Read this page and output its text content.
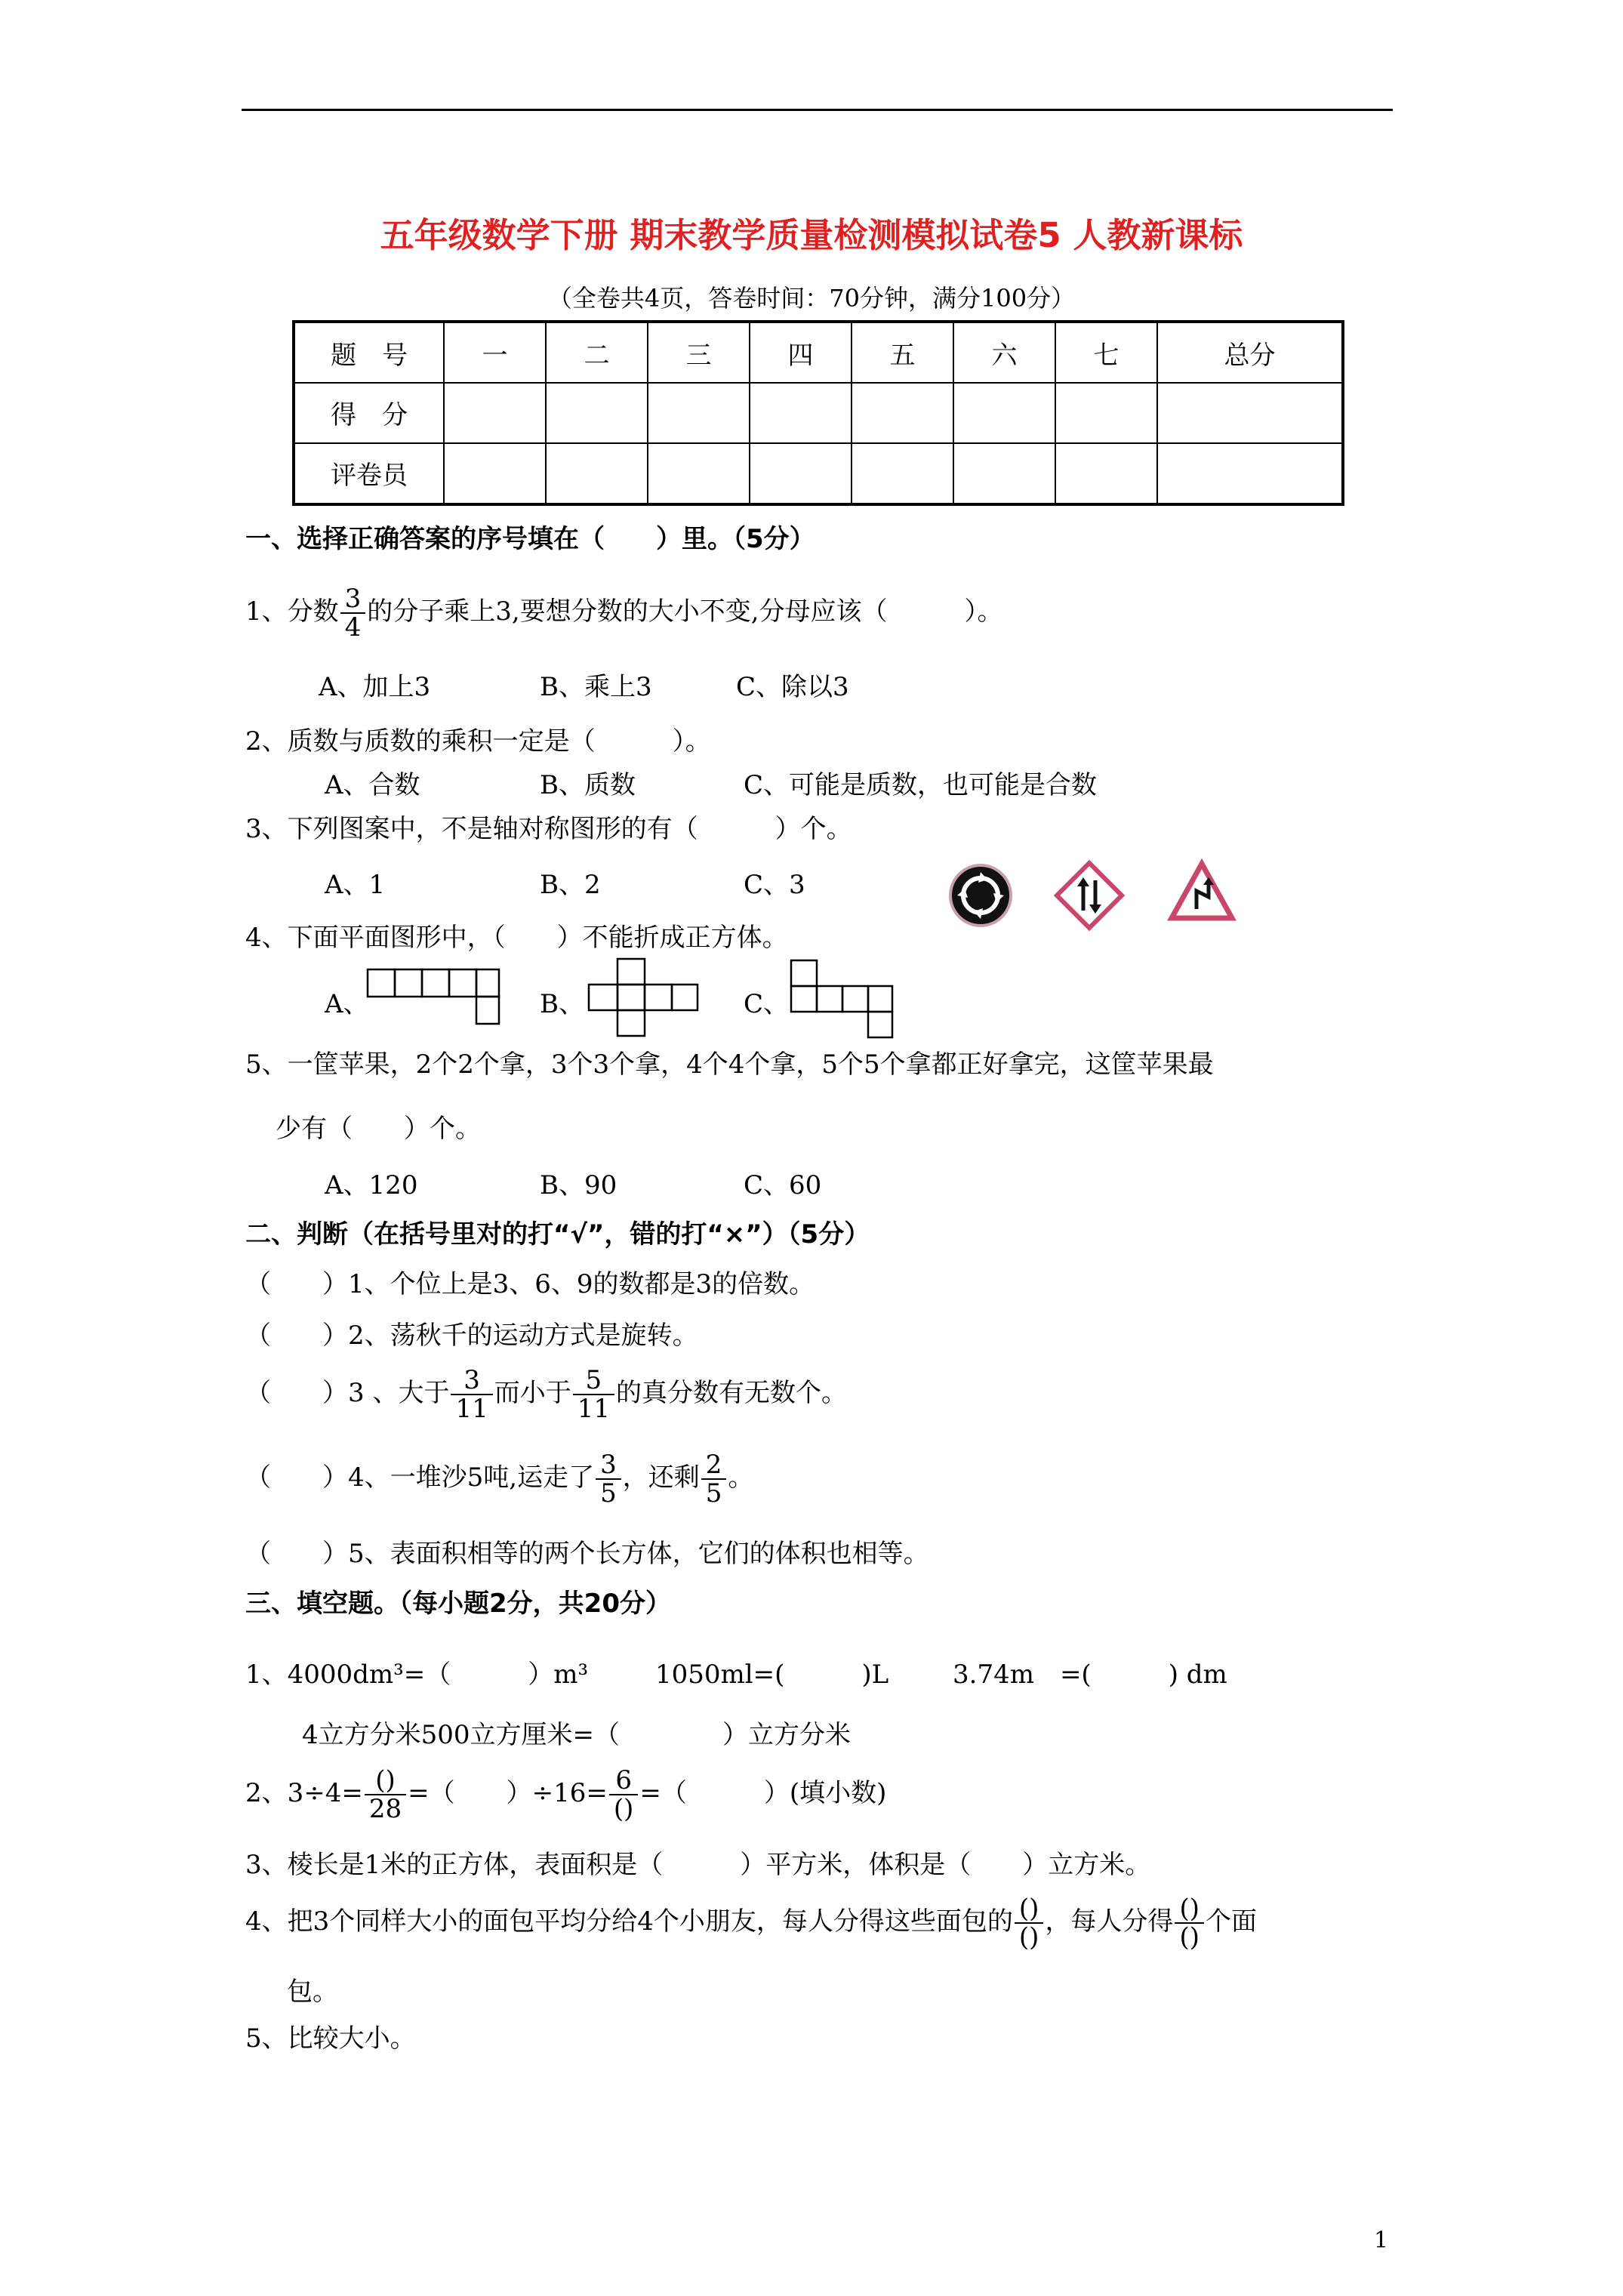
五年级数学下册 期末教学质量检测模拟试卷5 人教新课标
（全卷共4页，答卷时间：70分钟，满分100分）
题　号	一	二	三	四	五	六	七	总分
得　分								
评卷员								
一、选择正确答案的序号填在（　　）里。（5分）
1、分数 $\frac{3}{4}$ 的分子乘上3,要想分数的大小不变,分母应该（　　　）。
A、加上3	B、乘上3	C、除以3
2、质数与质数的乘积一定是（　　　）。
A、合数	B、质数	C、可能是质数，也可能是合数
3、下列图案中，不是轴对称图形的有（　　　）个。
A、1	B、2	C、3
4、下面平面图形中，（　　）不能折成正方体。
A、	B、	C、
5、一筐苹果，2个2个拿，3个3个拿，4个4个拿，5个5个拿都正好拿完，这筐苹果最
少有（　　）个。
A、120	B、90	C、60
二、判断（在括号里对的打“√”，错的打“×”）（5分）
（　　）1、个位上是3、6、9的数都是3的倍数。
（　　）2、荡秋千的运动方式是旋转。
（　　）3 、大于 $\frac{3}{11}$ 而小于 $\frac{5}{11}$ 的真分数有无数个。
（　　）4、一堆沙5吨,运走了 $\frac{3}{5}$ ，还剩 $\frac{2}{5}$ 。
（　　）5、表面积相等的两个长方体，它们的体积也相等。
三、填空题。（每小题2分，共20分）
1、4000dm³=（　　　）m³	1050ml=(　　　)L 3.74m　=(　　　) dm
4立方分米500立方厘米=（　　　　）立方分米
2、$3\div 4= \frac{()}{28}$ =（　　）$\div 16= \frac{6}{()}$ =（　　　）(填小数)
3、棱长是1米的正方体，表面积是（　　　）平方米，体积是（　　）立方米。
4、把3个同样大小的面包平均分给4个小朋友，每人分得这些面包的 $\frac{()}{()}$ ，每人分得 $\frac{()}{()}$ 个面
包。
5、比较大小。
1
